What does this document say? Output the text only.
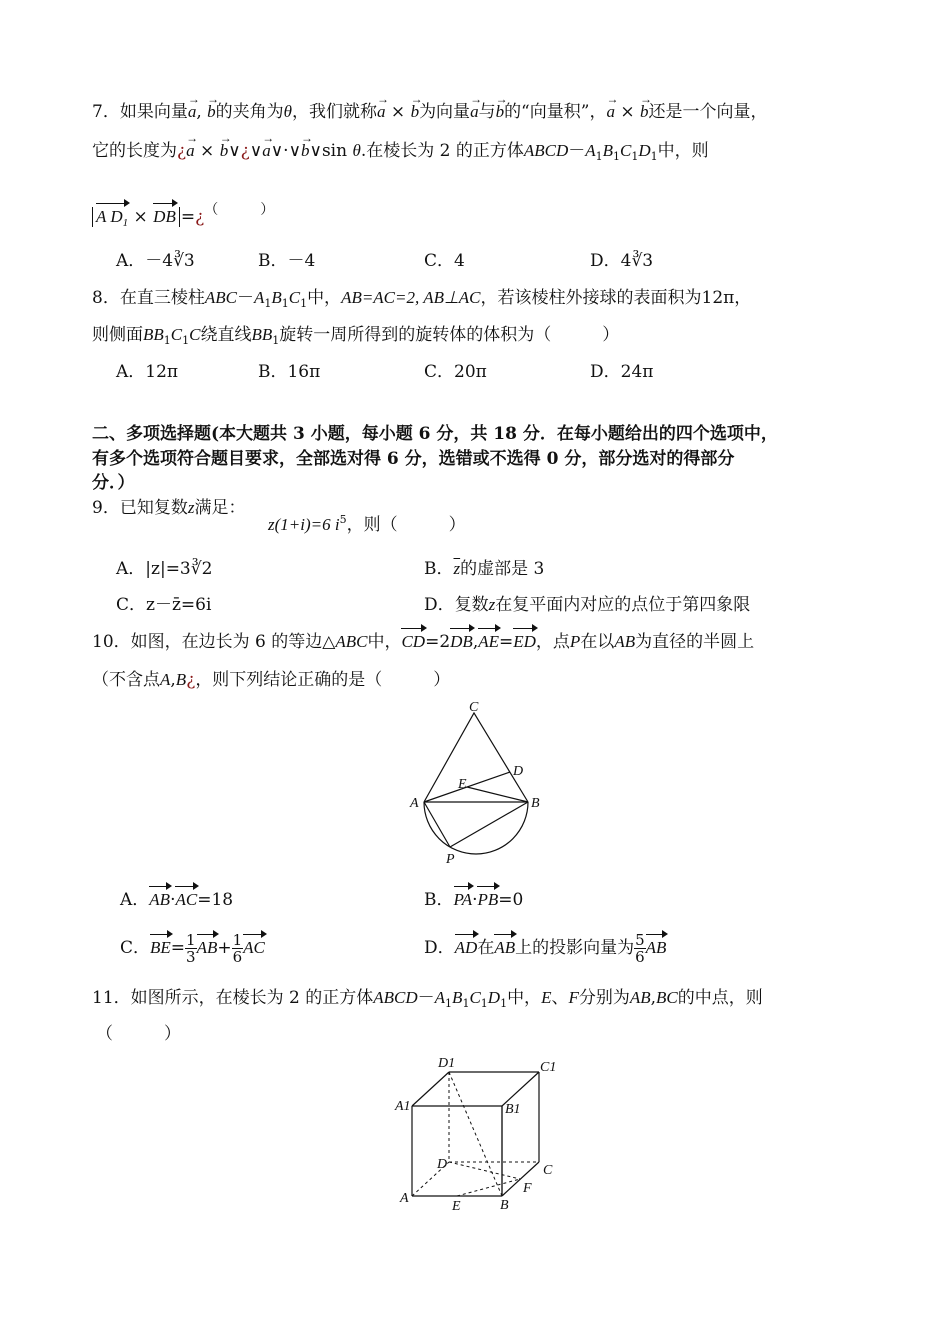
7．如果向量→ a, → b的夹角为θ，我们就称→ a × → b为向量→ a与→ b的“向量积”，→ a × → b还是一个向量，
它的长度为¿→ a × → b∨¿∨→ a∨·∨→ b∨sin θ.在棱长为 2 的正方体$ABCD-A_1B_1C_1D_1$中，则
A $D_1$ × DB =¿（　　　）
A．－4∛3	B．－4	C．4	D．4∛3
8．在直三棱柱$ABC-A_1B_1C_1$中，AB=AC=2, AB⊥AC，若该棱柱外接球的表面积为12π，
则侧面$BB_1C_1C$绕直线$BB_1$旋转一周所得到的旋转体的体积为（　　　）
A．12π	B．16π	C．20π	D．24π
二、多项选择题(本大题共 3 小题，每小题 6 分，共 18 分．在每小题给出的四个选项中，
有多个选项符合题目要求，全部选对得 6 分，选错或不选得 0 分，部分选对的得部分
分．）
9．已知复数z满足：
z(1+i)=6 $i^5$，则（　　　）
A．|z|=3∛2	B．$\overline{z}$的虚部是 3
C．z－z̄=6i	D．复数z在复平面内对应的点位于第四象限
10．如图，在边长为 6 的等边△ABC中，CD=2DB,AE=ED，点P在以AB为直径的半圆上
（不含点A,B¿，则下列结论正确的是（　　　）
C
E
D
A	B
P
A．AB·AC=18	B．PA·PB=0
C．$BE= \frac{1}{3} AB+ \frac{1}{6}$ AC	D．AD在AB上的投影向量为 $\frac{5}{6}$ AB
11．如图所示，在棱长为 2 的正方体$ABCD-A_1B_1C_1D_1$中，E、F分别为AB,BC的中点，则
（　　　）
D1	C1
A1	B1
D	C
F
A
E	B
